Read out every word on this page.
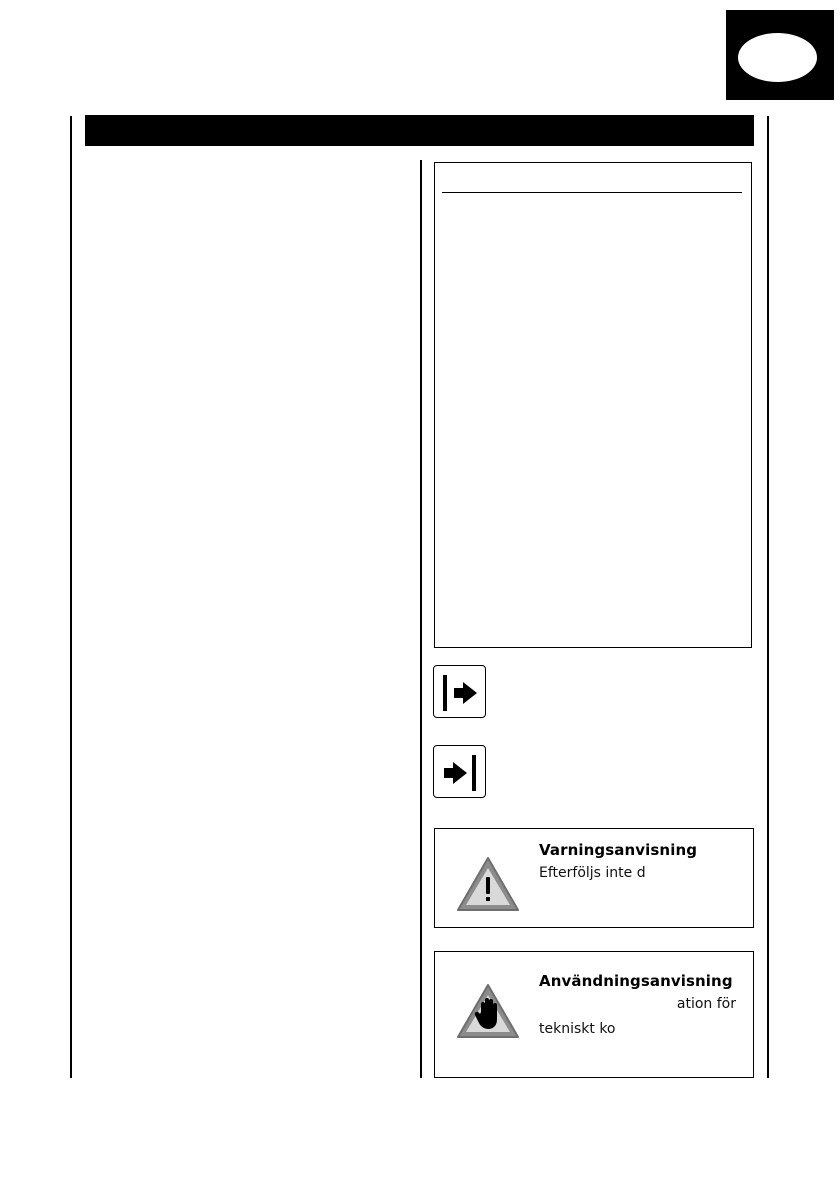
Varningsanvisning
Efterföljs inte d
Användningsanvisning
ation för
tekniskt ko
